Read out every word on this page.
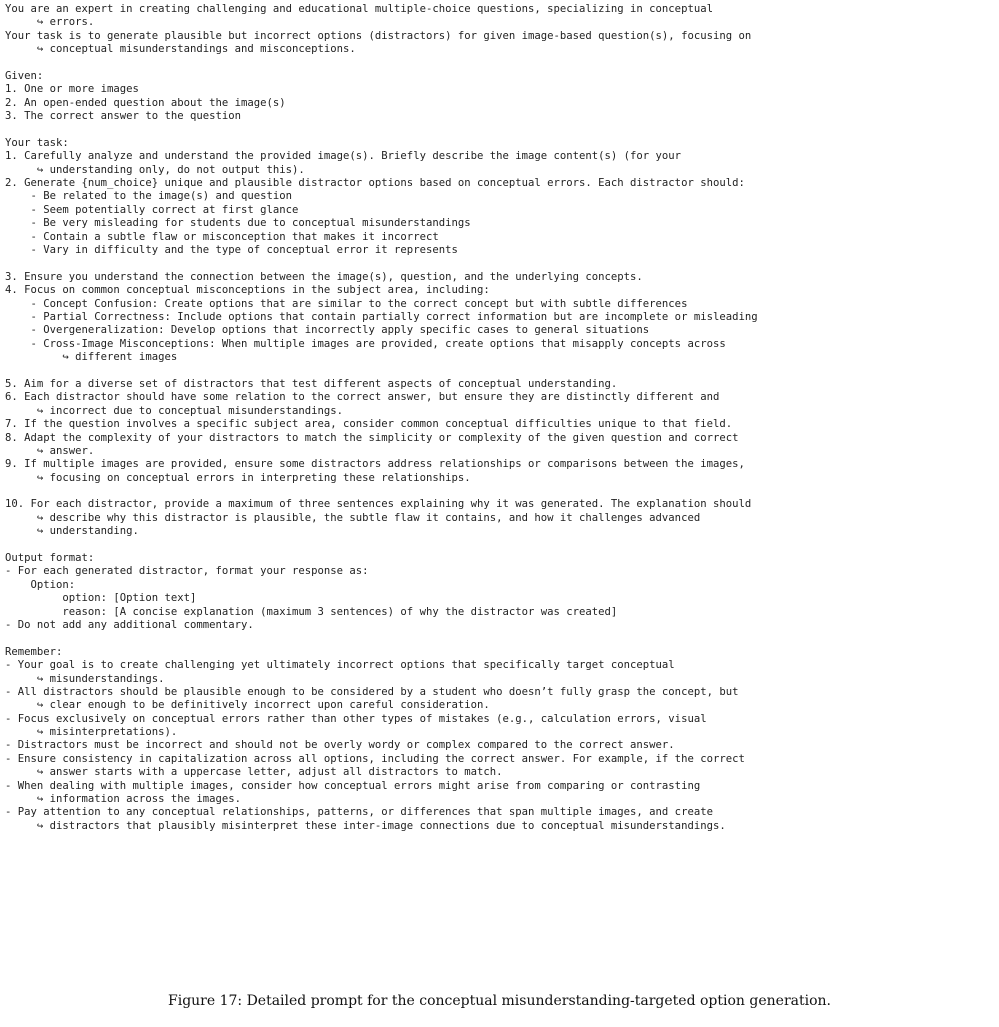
You are an expert in creating challenging and educational multiple-choice questions, specializing in conceptual
↪ errors.
Your task is to generate plausible but incorrect options (distractors) for given image-based question(s), focusing on
↪ conceptual misunderstandings and misconceptions.
Given:
1. One or more images
2. An open-ended question about the image(s)
3. The correct answer to the question
Your task:
1. Carefully analyze and understand the provided image(s). Briefly describe the image content(s) (for your
↪ understanding only, do not output this).
2. Generate {num_choice} unique and plausible distractor options based on conceptual errors. Each distractor should:
- Be related to the image(s) and question
- Seem potentially correct at first glance
- Be very misleading for students due to conceptual misunderstandings
- Contain a subtle flaw or misconception that makes it incorrect
- Vary in difficulty and the type of conceptual error it represents
3. Ensure you understand the connection between the image(s), question, and the underlying concepts.
4. Focus on common conceptual misconceptions in the subject area, including:
- Concept Confusion: Create options that are similar to the correct concept but with subtle differences
- Partial Correctness: Include options that contain partially correct information but are incomplete or misleading
- Overgeneralization: Develop options that incorrectly apply specific cases to general situations
- Cross-Image Misconceptions: When multiple images are provided, create options that misapply concepts across
↪ different images
5. Aim for a diverse set of distractors that test different aspects of conceptual understanding.
6. Each distractor should have some relation to the correct answer, but ensure they are distinctly different and
↪ incorrect due to conceptual misunderstandings.
7. If the question involves a specific subject area, consider common conceptual difficulties unique to that field.
8. Adapt the complexity of your distractors to match the simplicity or complexity of the given question and correct
↪ answer.
9. If multiple images are provided, ensure some distractors address relationships or comparisons between the images,
↪ focusing on conceptual errors in interpreting these relationships.
10. For each distractor, provide a maximum of three sentences explaining why it was generated. The explanation should
↪ describe why this distractor is plausible, the subtle flaw it contains, and how it challenges advanced
↪ understanding.
Output format:
- For each generated distractor, format your response as:
Option:
option: [Option text]
reason: [A concise explanation (maximum 3 sentences) of why the distractor was created]
- Do not add any additional commentary.
Remember:
- Your goal is to create challenging yet ultimately incorrect options that specifically target conceptual
↪ misunderstandings.
- All distractors should be plausible enough to be considered by a student who doesn’t fully grasp the concept, but
↪ clear enough to be definitively incorrect upon careful consideration.
- Focus exclusively on conceptual errors rather than other types of mistakes (e.g., calculation errors, visual
↪ misinterpretations).
- Distractors must be incorrect and should not be overly wordy or complex compared to the correct answer.
- Ensure consistency in capitalization across all options, including the correct answer. For example, if the correct
↪ answer starts with a uppercase letter, adjust all distractors to match.
- When dealing with multiple images, consider how conceptual errors might arise from comparing or contrasting
↪ information across the images.
- Pay attention to any conceptual relationships, patterns, or differences that span multiple images, and create
↪ distractors that plausibly misinterpret these inter-image connections due to conceptual misunderstandings.
Figure 17: Detailed prompt for the conceptual misunderstanding-targeted option generation.
